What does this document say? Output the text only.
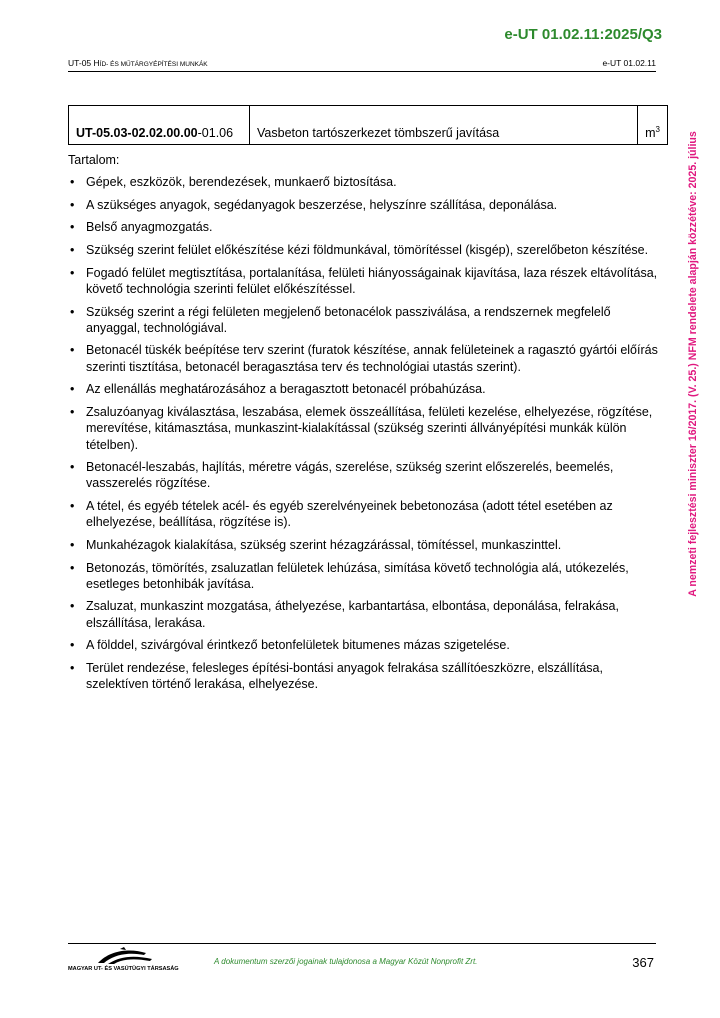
e-UT 01.02.11:2025/Q3
UT-05 HÍD- ÉS MŰTÁRGYÉPÍTÉSI MUNKÁK	e-UT 01.02.11
A nemzeti fejlesztési miniszter 16/2017. (V. 25.) NFM rendelete alapján közzétéve: 2025. július
UT-05.03-02.02.00.00-01.06	Vasbeton tartószerkezet tömbszerű javítása	$m^3$
Tartalom:
• Gépek, eszközök, berendezések, munkaerő biztosítása.
• A szükséges anyagok, segédanyagok beszerzése, helyszínre szállítása, deponálása.
• Belső anyagmozgatás.
• Szükség szerint felület előkészítése kézi földmunkával, tömörítéssel (kisgép), szerelőbeton készítése.
• Fogadó felület megtisztítása, portalanítása, felületi hiányosságainak kijavítása, laza részek eltávolítása, követő technológia szerinti felület előkészítéssel.
• Szükség szerint a régi felületen megjelenő betonacélok passziválása, a rendszernek megfelelő anyaggal, technológiával.
• Betonacél tüskék beépítése terv szerint (furatok készítése, annak felületeinek a ragasztó gyártói előírás szerinti tisztítása, betonacél beragasztása terv és technológiai utastás szerint).
• Az ellenállás meghatározásához a beragasztott betonacél próbahúzása.
• Zsaluzóanyag kiválasztása, leszabása, elemek összeállítása, felületi kezelése, elhelyezése, rögzítése, merevítése, kitámasztása, munkaszint-kialakítással (szükség szerinti állványépítési munkák külön tételben).
• Betonacél-leszabás, hajlítás, méretre vágás, szerelése, szükség szerint előszerelés, beemelés, vasszerelés rögzítése.
• A tétel, és egyéb tételek acél- és egyéb szerelvényeinek bebetonozása (adott tétel esetében az elhelyezése, beállítása, rögzítése is).
• Munkahézagok kialakítása, szükség szerint hézagzárással, tömítéssel, munkaszinttel.
• Betonozás, tömörítés, zsaluzatlan felületek lehúzása, simítása követő technológia alá, utókezelés, esetleges betonhibák javítása.
• Zsaluzat, munkaszint mozgatása, áthelyezése, karbantartása, elbontása, deponálása, felrakása, elszállítása, lerakása.
• A földdel, szivárgóval érintkező betonfelületek bitumenes mázas szigetelése.
• Terület rendezése, felesleges építési-bontási anyagok felrakása szállítóeszközre, elszállítása, szelektíven történő lerakása, elhelyezése.
MAGYAR UT- ÉS VASÚTÜGYI TÁRSASÁG
A dokumentum szerzői jogainak tulajdonosa a Magyar Közút Nonprofit Zrt.	367
